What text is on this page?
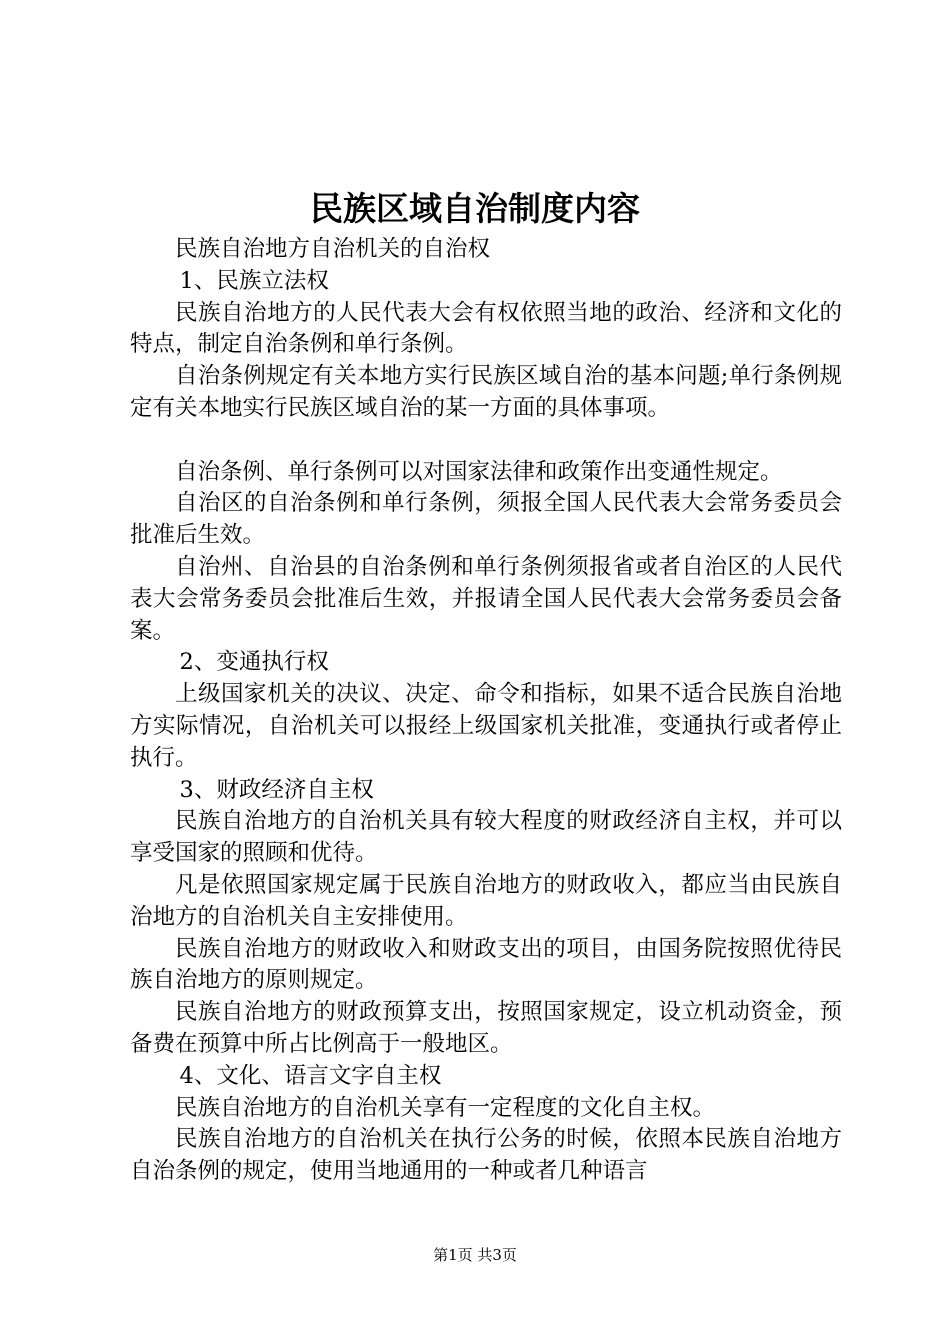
民族区域自治制度内容

民族自治地方自治机关的自治权

1、民族立法权

民族自治地方的人民代表大会有权依照当地的政治、经济和文化的特点，制定自治条例和单行条例。

自治条例规定有关本地方实行民族区域自治的基本问题;单行条例规定有关本地实行民族区域自治的某一方面的具体事项。

自治条例、单行条例可以对国家法律和政策作出变通性规定。

自治区的自治条例和单行条例，须报全国人民代表大会常务委员会批准后生效。

自治州、自治县的自治条例和单行条例须报省或者自治区的人民代表大会常务委员会批准后生效，并报请全国人民代表大会常务委员会备案。

2、变通执行权

上级国家机关的决议、决定、命令和指标，如果不适合民族自治地方实际情况，自治机关可以报经上级国家机关批准，变通执行或者停止执行。

3、财政经济自主权

民族自治地方的自治机关具有较大程度的财政经济自主权，并可以享受国家的照顾和优待。

凡是依照国家规定属于民族自治地方的财政收入，都应当由民族自治地方的自治机关自主安排使用。

民族自治地方的财政收入和财政支出的项目，由国务院按照优待民族自治地方的原则规定。

民族自治地方的财政预算支出，按照国家规定，设立机动资金，预备费在预算中所占比例高于一般地区。

4、文化、语言文字自主权

民族自治地方的自治机关享有一定程度的文化自主权。

民族自治地方的自治机关在执行公务的时候，依照本民族自治地方自治条例的规定，使用当地通用的一种或者几种语言

第1页 共3页
